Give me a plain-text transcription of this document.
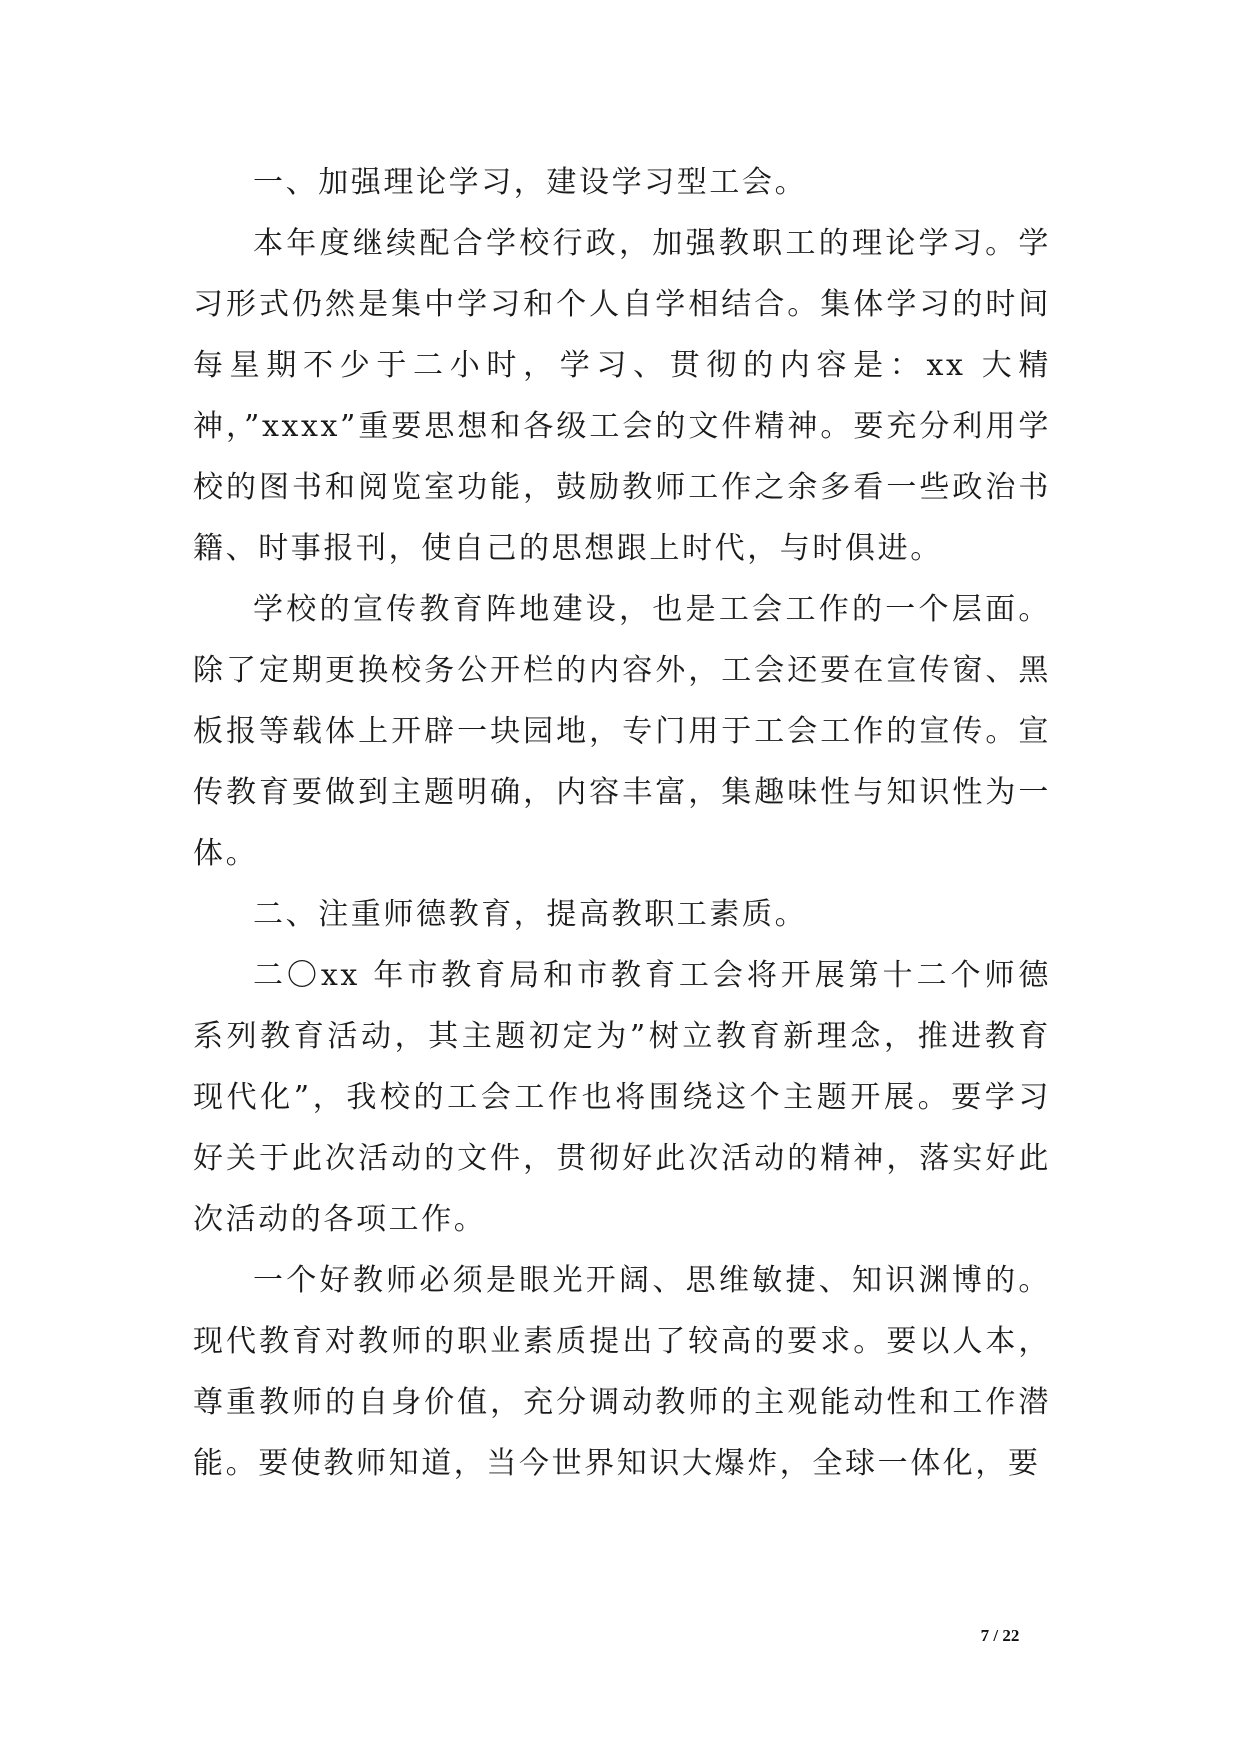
一、加强理论学习，建设学习型工会。

本年度继续配合学校行政，加强教职工的理论学习。学习形式仍然是集中学习和个人自学相结合。集体学习的时间每星期不少于二小时，学习、贯彻的内容是：xx 大精神，”xxxx”重要思想和各级工会的文件精神。要充分利用学校的图书和阅览室功能，鼓励教师工作之余多看一些政治书籍、时事报刊，使自己的思想跟上时代，与时俱进。

学校的宣传教育阵地建设，也是工会工作的一个层面。除了定期更换校务公开栏的内容外，工会还要在宣传窗、黑板报等载体上开辟一块园地，专门用于工会工作的宣传。宣传教育要做到主题明确，内容丰富，集趣味性与知识性为一体。

二、注重师德教育，提高教职工素质。

二〇xx 年市教育局和市教育工会将开展第十二个师德系列教育活动，其主题初定为”树立教育新理念，推进教育现代化”，我校的工会工作也将围绕这个主题开展。要学习好关于此次活动的文件，贯彻好此次活动的精神，落实好此次活动的各项工作。

一个好教师必须是眼光开阔、思维敏捷、知识渊博的。现代教育对教师的职业素质提出了较高的要求。要以人本，尊重教师的自身价值，充分调动教师的主观能动性和工作潜能。要使教师知道，当今世界知识大爆炸，全球一体化，要

7 / 22
